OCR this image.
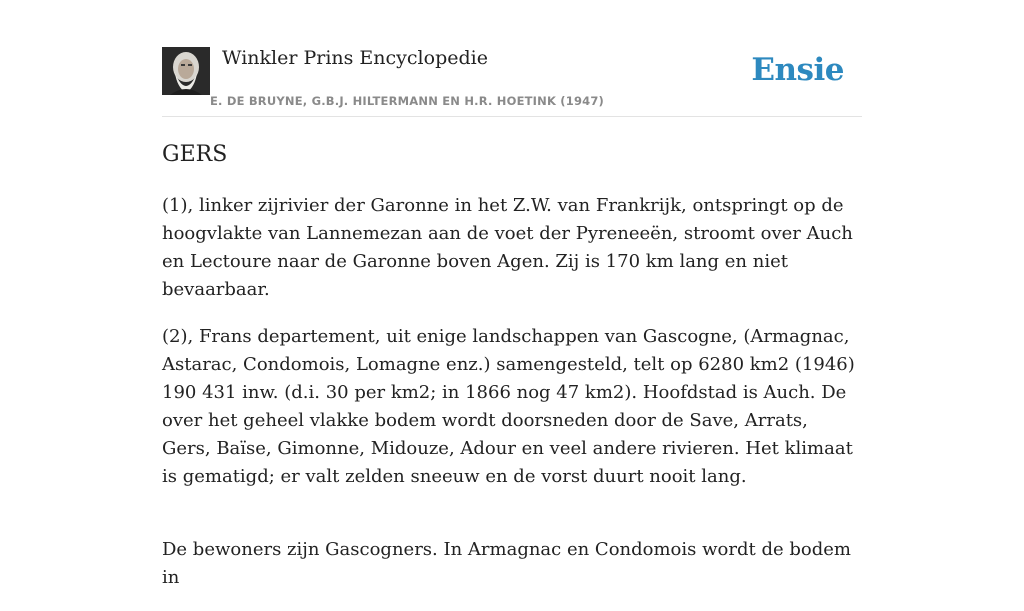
Winkler Prins Encyclopedie
E. DE BRUYNE, G.B.J. HILTERMANN EN H.R. HOETINK (1947)
Ensie
GERS

(1), linker zijrivier der Garonne in het Z.W. van Frankrijk, ontspringt op de hoogvlakte van Lannemezan aan de voet der Pyreneeën, stroomt over Auch en Lectoure naar de Garonne boven Agen. Zij is 170 km lang en niet bevaarbaar.

(2), Frans departement, uit enige landschappen van Gascogne, (Armagnac, Astarac, Condomois, Lomagne enz.) samengesteld, telt op 6280 km2 (1946) 190 431 inw. (d.i. 30 per km2; in 1866 nog 47 km2). Hoofdstad is Auch. De over het geheel vlakke bodem wordt doorsneden door de Save, Arrats, Gers, Baïse, Gimonne, Midouze, Adour en veel andere rivieren. Het klimaat is gematigd; er valt zelden sneeuw en de vorst duurt nooit lang.

De bewoners zijn Gascogners. In Armagnac en Condomois wordt de bodem in
